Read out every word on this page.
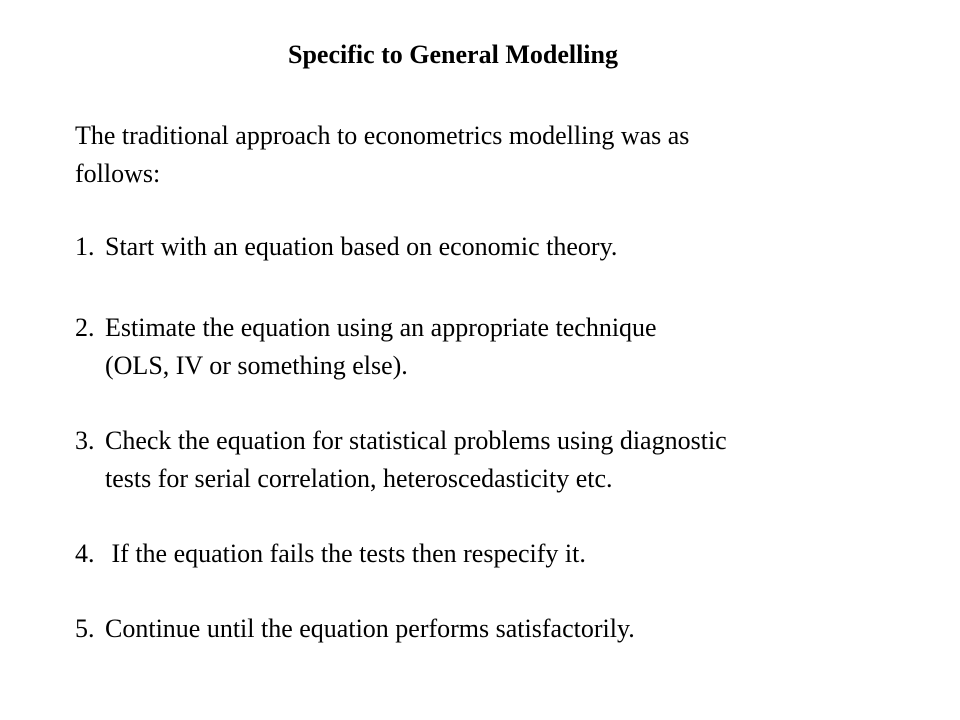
Specific to General Modelling
The traditional approach to econometrics modelling was as
follows:
1. Start with an equation based on economic theory.
2. Estimate the equation using an appropriate technique
(OLS, IV or something else).
3. Check the equation for statistical problems using diagnostic
tests for serial correlation, heteroscedasticity etc.
4. If the equation fails the tests then respecify it.
5. Continue until the equation performs satisfactorily.
